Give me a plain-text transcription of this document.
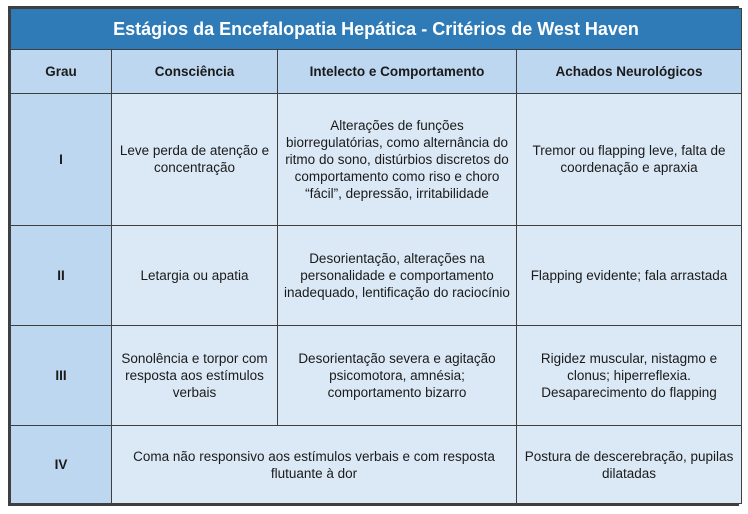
Estágios da Encefalopatia Hepática - Critérios de West Haven			
Grau	Consciência	Intelecto e Comportamento	Achados Neurológicos
I	Leve perda de atenção e concentração	Alterações de funções biorregulatórias, como alternância do ritmo do sono, distúrbios discretos do comportamento como riso e choro “fácil”, depressão, irritabilidade	Tremor ou flapping leve, falta de coordenação e apraxia
II	Letargia ou apatia	Desorientação, alterações na personalidade e comportamento inadequado, lentificação do raciocínio	Flapping evidente; fala arrastada
III	Sonolência e torpor com resposta aos estímulos verbais	Desorientação severa e agitação psicomotora, amnésia; comportamento bizarro	Rigidez muscular, nistagmo e clonus; hiperreflexia. Desaparecimento do flapping
IV	Coma não responsivo aos estímulos verbais e com resposta flutuante à dor		Postura de descerebração, pupilas dilatadas
